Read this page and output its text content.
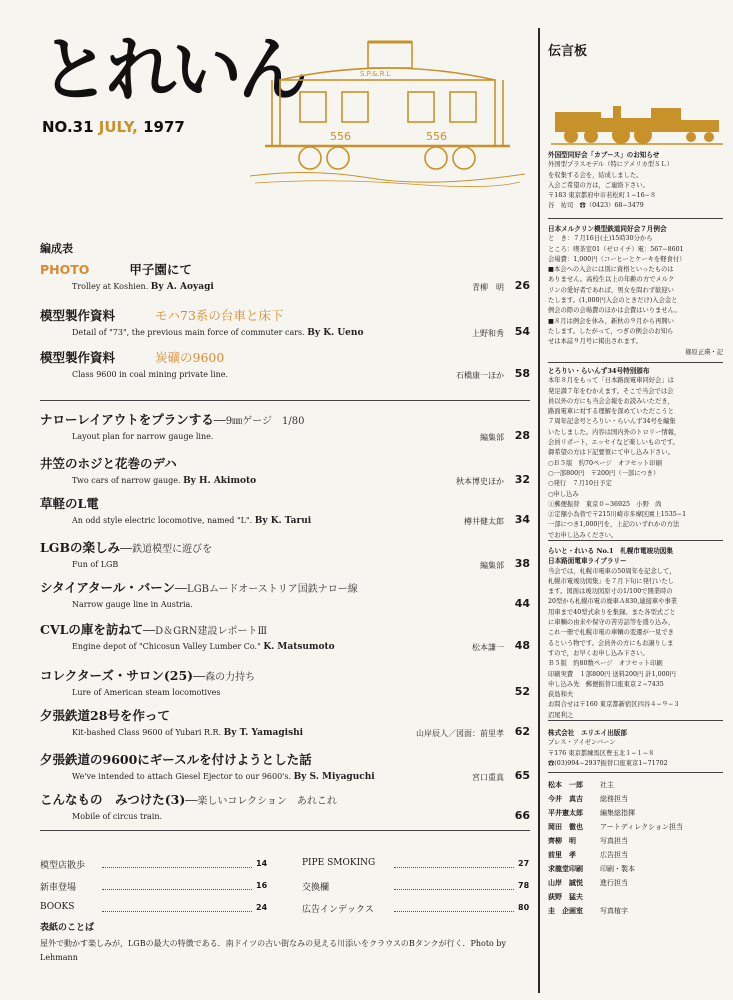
とれいん
NO.31 JULY, 1977
S.P.&.R.L
556	556
編成表
PHOTO	甲子園にて
Trolley at Koshien. By A. Aoyagi	青柳　明 26
模型製作資料	モハ73系の台車と床下
Detail of "73", the previous main force of commuter cars. By K. Ueno	上野和秀 54
模型製作資料	炭礦の9600
Class 9600 in coal mining private line.	石橋康一ほか 58
ナローレイアウトをプランする──9㎜ゲージ　1/80
Layout plan for narrow gauge line.	編集部 28
井笠のホジと花巻のデハ
Two cars of narrow gauge. By H. Akimoto	秋本博史ほか 32
草軽のL電
An odd style electric locomotive, named "L". By K. Tarui	樽井健太郎 34
LGBの楽しみ──鉄道模型に遊びを
Fun of LGB	編集部 38
シタイアタール・バーン──LGBムードオーストリア国鉄ナロー線
Narrow gauge line in Austria.	44
CVLの庫を訪ねて──D＆GRN建設レポートⅢ
Engine depot of "Chicosun Valley Lumber Co." K. Matsumoto	松本謙一 48
コレクターズ・サロン(25)──森の力持ち
Lure of American steam locomotives	52
夕張鉄道28号を作って
Kit-bashed Class 9600 of Yubari R.R. By T. Yamagishi	山岸辰人／図面：前里孝 62
夕張鉄道の9600にギースルを付けようとした話
We've intended to attach Giesel Ejector to our 9600's. By S. Miyaguchi	宮口重真 65
こんなもの　みつけた(3)──楽しいコレクション　あれこれ
Mobile of circus train.	66
模型店散歩	14
新車登場	16
BOOKS	24
PIPE SMOKING	27
交換欄	78
広告インデックス	80
表紙のことば
屋外で動かす楽しみが，LGBの最大の特徴である．南ドイツの古い街なみの見える川添いをクラウスのBタンクが行く．Photo by Lehmann
伝言板
外国型同好会「カブース」のお知らせ
外国型プラスモデル（特にアメリカ型ＳＬ）
を収集する会を，結成しました。
入会ご希望の方は，ご連絡下さい。
〒183 東京都府中市若松町１−16−８
谷　祐司　☎（0423）68−3479
日本メルクリン模型鉄道同好会７月例会
と　き：７月16日(土)15時30分から
ところ：喫茶室01（ゼロイチ）電：567−8601
会場費：1,000円（コーヒーとケーキを軽食付）
■本会への入会には別に資格といったものは
ありません。高校生以上の年齢の方でメルク
リンの愛好者であれば，男女を問わず歓迎い
たします。(1,000円入会のときだけ)入会金と
例会の際の会場費のほかは会費はいりません。
■８月は例会を休み，新秋の９月から再開い
たします。したがって，つぎの例会のお知ら
せは本誌９月号に掲出されます。
篠原正瑛・記
とろりい・らいんず34号特別頒布
本年８月をもって「日本路面電車同好会」は
発足満７年をむかえます。そこで当会では会
員以外の方にも当会会報をお読みいただき，
路面電車に対する理解を深めていただこうと
７周年記念号とろりい・らいんず34号を編集
いたしました。内容は国内外のトロリー情報，
会員リポート，エッセイなど楽しいものです。
御希望の方は下記要領にて申し込み下さい。
○Ｂ５版　約70ページ　オフセット印刷
○一部800円　〒200円（一部につき）
○発行　７月10日予定
○申し込み
①郵便振替　東京０−36925　小野　尚
②定額小為替で〒215川崎市多摩区園上1535−1
一部につき1,000円を，上記のいずれかの方法
でお申し込みください。
らいと・れいる No.1　札幌市電竣功図集
日本路面電車ライブラリー
当会では，札幌市電車の50周年を記念して，
札幌市電竣功図集」を７月下旬に発行いたし
ます。図面は竣功図原寸の1/100で開業時の
20型から札幌市電の廃車Ａ830,連接車や事業
用車まで40型式余りを集録。また各型式ごと
に車輌の由来や保守の苦労話等を盛り込み，
これ一冊で札幌市電の車輌の変遷が一見でき
るという物です。会員外の方にもお譲りしま
すので，お早くお申し込み下さい。
Ｂ５版　約80数ページ　オフセット印刷
印刷実費　１部800円 送料200円 計1,000円
申し込み先　郵便振替口座東京２−7435
荻島和夫
お問合せは〒160 東京都新宿区四谷４−９−３
沼尾利之
株式会社　エリエイ出版部
プレス・アイゼンバーン
〒176 東京都練馬区豊玉北１−１−８
☎(03)994−2937振替口座東京1−71702
松本　一郎 社主
今井　真吉 総務担当
平井憲太郎 編集総指揮
岡田　徹也 アートディレクション担当
齊柳　明	写真担当
前里　孝	広告担当
求龍堂印刷 印刷・製本
山岸　誠悦 進行担当
荻野　猛夫
圭　企画室 写真植字
